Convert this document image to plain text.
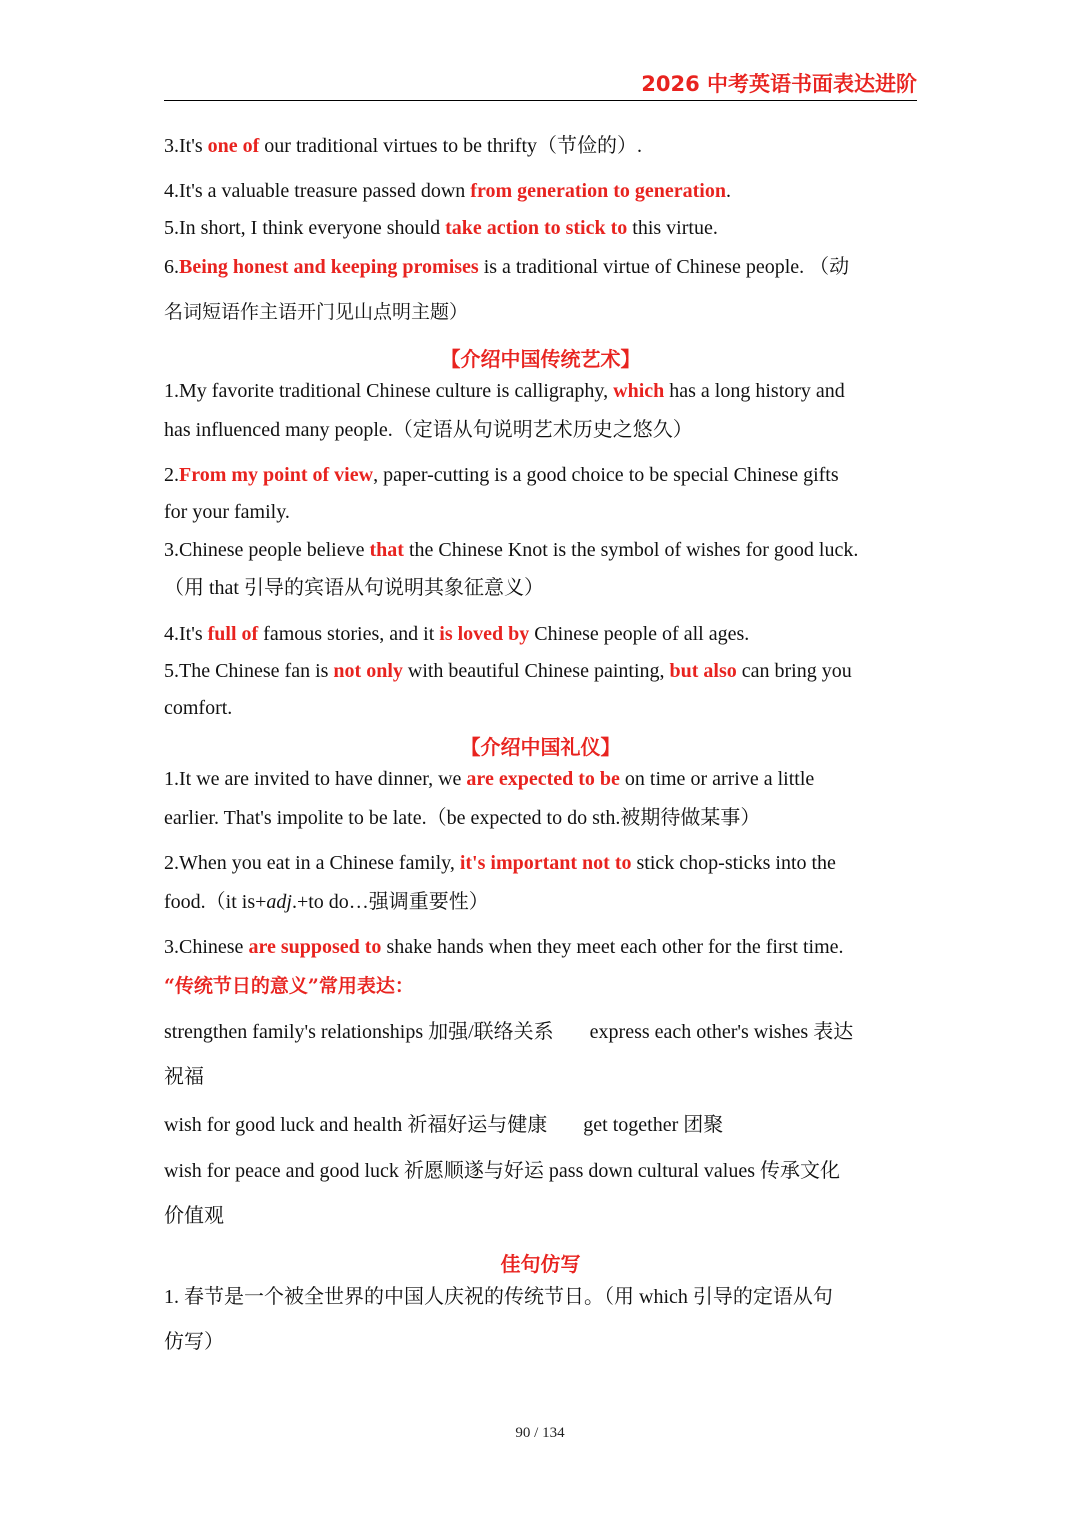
2026 中考英语书面表达进阶
3.It's one of our traditional virtues to be thrifty（节俭的）.
4.It's a valuable treasure passed down from generation to generation.
5.In short, I think everyone should take action to stick to this virtue.
6.Being honest and keeping promises is a traditional virtue of Chinese people. （动
名词短语作主语开门见山点明主题）
【介绍中国传统艺术】
1.My favorite traditional Chinese culture is calligraphy, which has a long history and
has influenced many people.（定语从句说明艺术历史之悠久）
2.From my point of view, paper-cutting is a good choice to be special Chinese gifts
for your family.
3.Chinese people believe that the Chinese Knot is the symbol of wishes for good luck.
（用 that 引导的宾语从句说明其象征意义）
4.It's full of famous stories, and it is loved by Chinese people of all ages.
5.The Chinese fan is not only with beautiful Chinese painting, but also can bring you
comfort.
【介绍中国礼仪】
1.It we are invited to have dinner, we are expected to be on time or arrive a little
earlier. That's impolite to be late.（be expected to do sth.被期待做某事）
2.When you eat in a Chinese family, it's important not to stick chop-sticks into the
food.（it is+adj.+to do…强调重要性）
3.Chinese are supposed to shake hands when they meet each other for the first time.
“传统节日的意义”常用表达：
strengthen family's relationships 加强/联络关系 express each other's wishes 表达
祝福
wish for good luck and health 祈福好运与健康 get together 团聚
wish for peace and good luck 祈愿顺遂与好运 pass down cultural values 传承文化
价值观
佳句仿写
1. 春节是一个被全世界的中国人庆祝的传统节日。（用 which 引导的定语从句
仿写）
90 / 134
